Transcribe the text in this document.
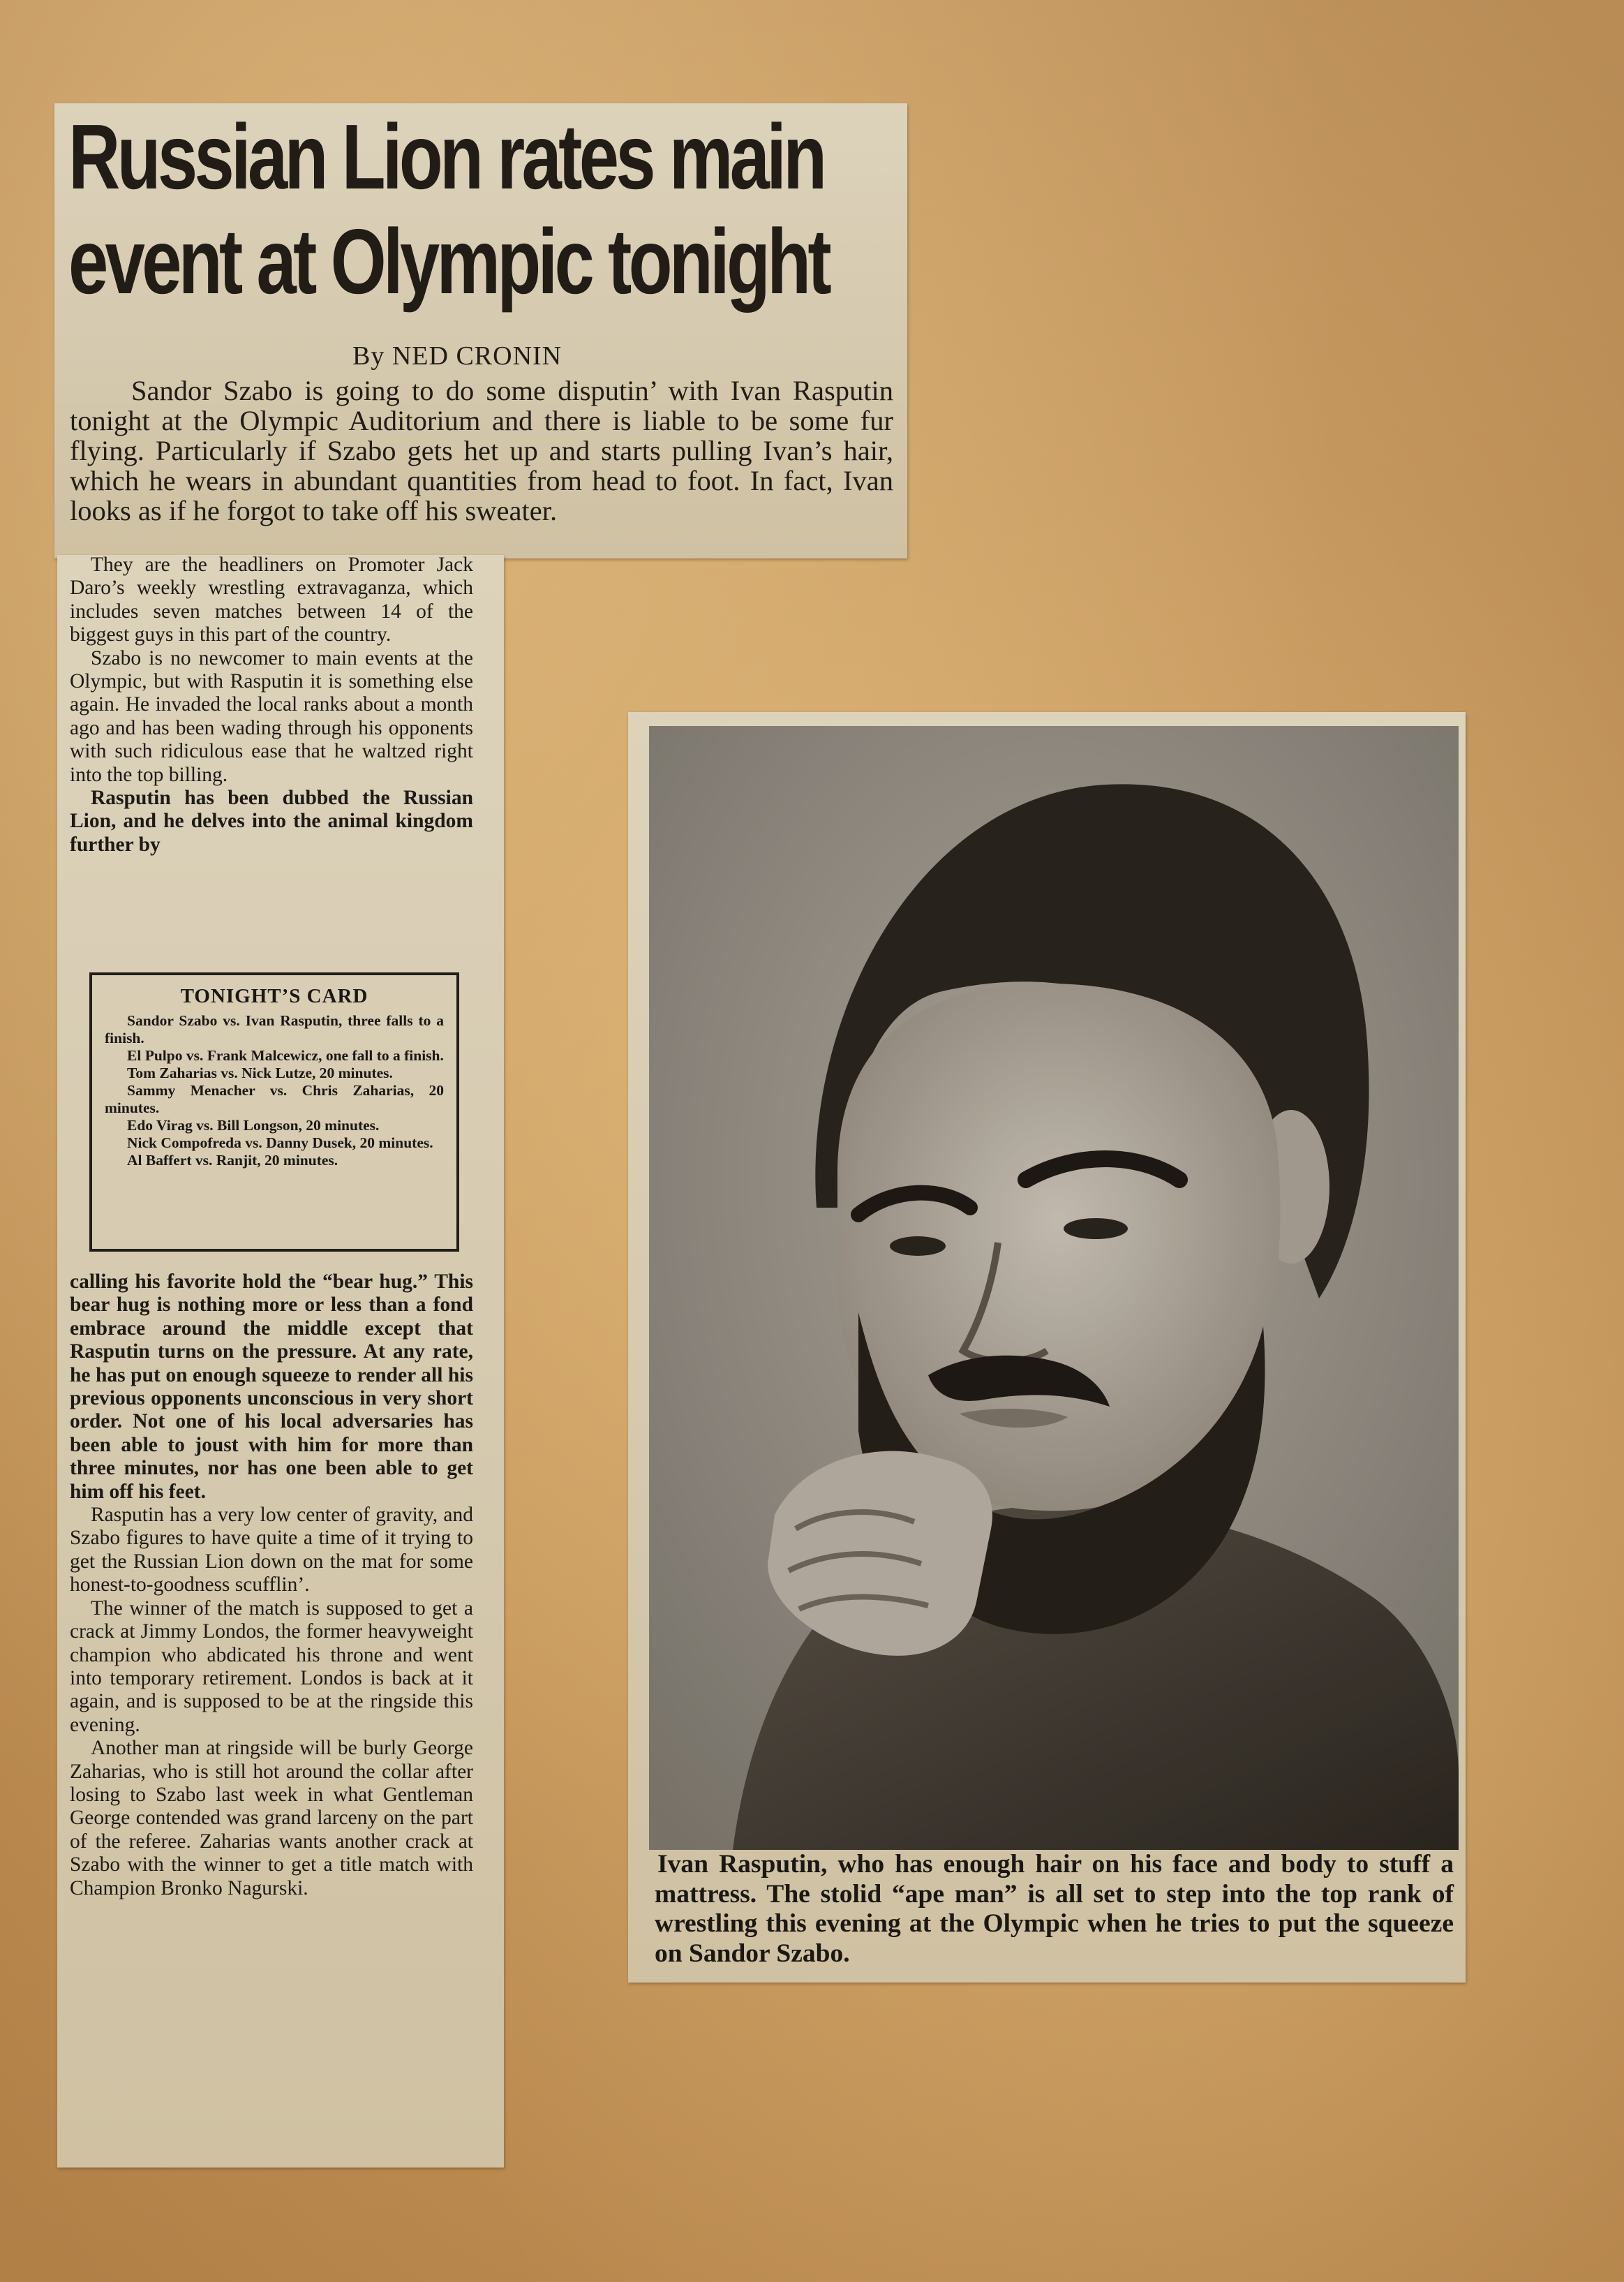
Russian Lion rates main
event at Olympic tonight
By NED CRONIN

Sandor Szabo is going to do some disputin’ with Ivan Rasputin tonight at the Olympic Auditorium and there is liable to be some fur flying. Particularly if Szabo gets het up and starts pulling Ivan’s hair, which he wears in abundant quantities from head to foot. In fact, Ivan looks as if he forgot to take off his sweater.

They are the headliners on Promoter Jack Daro’s weekly wrestling extravaganza, which includes seven matches between 14 of the biggest guys in this part of the country.

Szabo is no newcomer to main events at the Olympic, but with Rasputin it is something else again. He invaded the local ranks about a month ago and has been wading through his opponents with such ridiculous ease that he waltzed right into the top billing.

Rasputin has been dubbed the Russian Lion, and he delves into the animal kingdom further by

TONIGHT’S CARD
Sandor Szabo vs. Ivan Rasputin, three falls to a finish.
El Pulpo vs. Frank Malcewicz, one fall to a finish.
Tom Zaharias vs. Nick Lutze, 20 minutes.
Sammy Menacher vs. Chris Zaharias, 20 minutes.
Edo Virag vs. Bill Longson, 20 minutes.
Nick Compofreda vs. Danny Dusek, 20 minutes.
Al Baffert vs. Ranjit, 20 minutes.

calling his favorite hold the “bear hug.” This bear hug is nothing more or less than a fond embrace around the middle except that Rasputin turns on the pressure. At any rate, he has put on enough squeeze to render all his previous opponents unconscious in very short order. Not one of his local adversaries has been able to joust with him for more than three minutes, nor has one been able to get him off his feet.

Rasputin has a very low center of gravity, and Szabo figures to have quite a time of it trying to get the Russian Lion down on the mat for some honest-to-goodness scufflin’.

The winner of the match is supposed to get a crack at Jimmy Londos, the former heavyweight champion who abdicated his throne and went into temporary retirement. Londos is back at it again, and is supposed to be at the ringside this evening.

Another man at ringside will be burly George Zaharias, who is still hot around the collar after losing to Szabo last week in what Gentleman George contended was grand larceny on the part of the referee. Zaharias wants another crack at Szabo with the winner to get a title match with Champion Bronko Nagurski.

Ivan Rasputin, who has enough hair on his face and body to stuff a mattress. The stolid “ape man” is all set to step into the top rank of wrestling this evening at the Olympic when he tries to put the squeeze on Sandor Szabo.
